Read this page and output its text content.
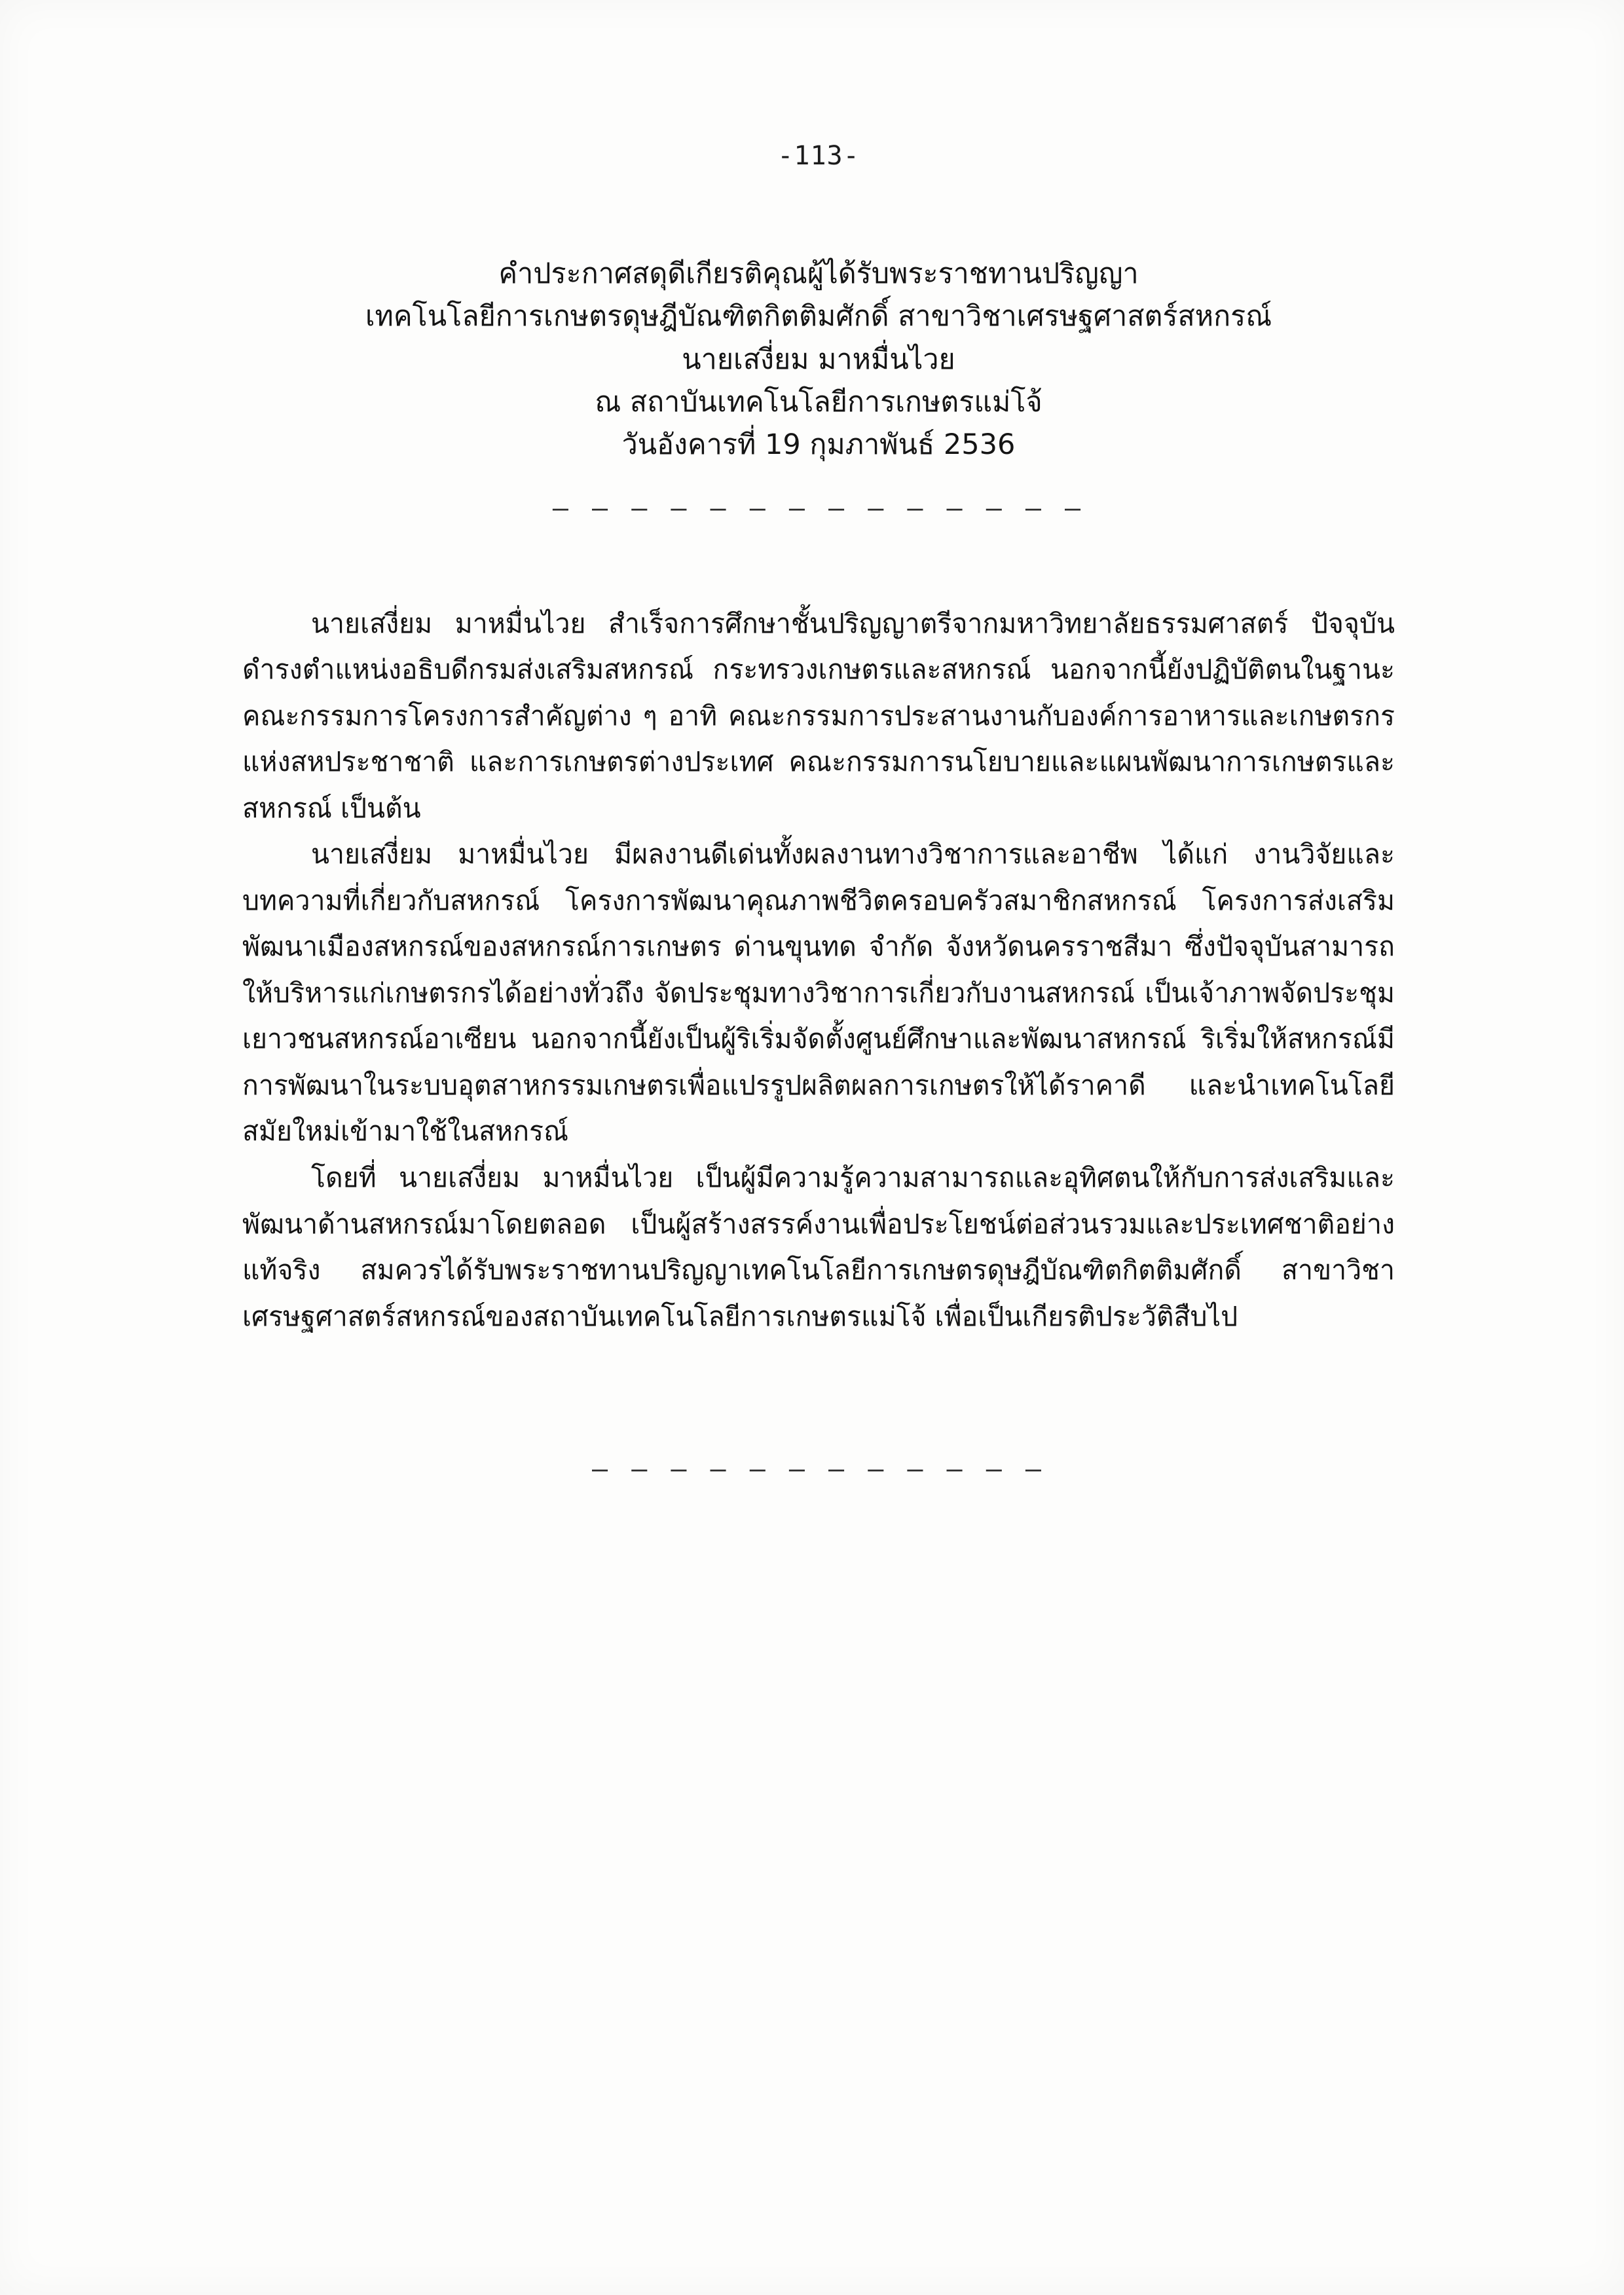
-113-
คำประกาศสดุดีเกียรติคุณผู้ได้รับพระราชทานปริญญา
เทคโนโลยีการเกษตรดุษฎีบัณฑิตกิตติมศักดิ์ สาขาวิชาเศรษฐศาสตร์สหกรณ์
นายเสงี่ยม มาหมื่นไวย
ณ สถาบันเทคโนโลยีการเกษตรแม่โจ้
วันอังคารที่ 19 กุมภาพันธ์ 2536
– – – – – – – – – – – – – –

นายเสงี่ยม มาหมื่นไวย สำเร็จการศึกษาชั้นปริญญาตรีจากมหาวิทยาลัยธรรมศาสตร์ ปัจจุบันดำรงตำแหน่งอธิบดีกรมส่งเสริมสหกรณ์ กระทรวงเกษตรและสหกรณ์ นอกจากนี้ยังปฏิบัติตนในฐานะคณะกรรมการโครงการสำคัญต่าง ๆ อาทิ คณะกรรมการประสานงานกับองค์การอาหารและเกษตรกรแห่งสหประชาชาติ และการเกษตรต่างประเทศ คณะกรรมการนโยบายและแผนพัฒนาการเกษตรและสหกรณ์ เป็นต้น

นายเสงี่ยม มาหมื่นไวย มีผลงานดีเด่นทั้งผลงานทางวิชาการและอาชีพ ได้แก่ งานวิจัยและบทความที่เกี่ยวกับสหกรณ์ โครงการพัฒนาคุณภาพชีวิตครอบครัวสมาชิกสหกรณ์ โครงการส่งเสริมพัฒนาเมืองสหกรณ์ของสหกรณ์การเกษตร ด่านขุนทด จำกัด จังหวัดนครราชสีมา ซึ่งปัจจุบันสามารถให้บริหารแก่เกษตรกรได้อย่างทั่วถึง จัดประชุมทางวิชาการเกี่ยวกับงานสหกรณ์ เป็นเจ้าภาพจัดประชุมเยาวชนสหกรณ์อาเซียน นอกจากนี้ยังเป็นผู้ริเริ่มจัดตั้งศูนย์ศึกษาและพัฒนาสหกรณ์ ริเริ่มให้สหกรณ์มีการพัฒนาในระบบอุตสาหกรรมเกษตรเพื่อแปรรูปผลิตผลการเกษตรให้ได้ราคาดี และนำเทคโนโลยีสมัยใหม่เข้ามาใช้ในสหกรณ์

โดยที่ นายเสงี่ยม มาหมื่นไวย เป็นผู้มีความรู้ความสามารถและอุทิศตนให้กับการส่งเสริมและพัฒนาด้านสหกรณ์มาโดยตลอด เป็นผู้สร้างสรรค์งานเพื่อประโยชน์ต่อส่วนรวมและประเทศชาติอย่างแท้จริง สมควรได้รับพระราชทานปริญญาเทคโนโลยีการเกษตรดุษฎีบัณฑิตกิตติมศักดิ์ สาขาวิชาเศรษฐศาสตร์สหกรณ์ของสถาบันเทคโนโลยีการเกษตรแม่โจ้ เพื่อเป็นเกียรติประวัติสืบไป

– – – – – – – – – – – –
